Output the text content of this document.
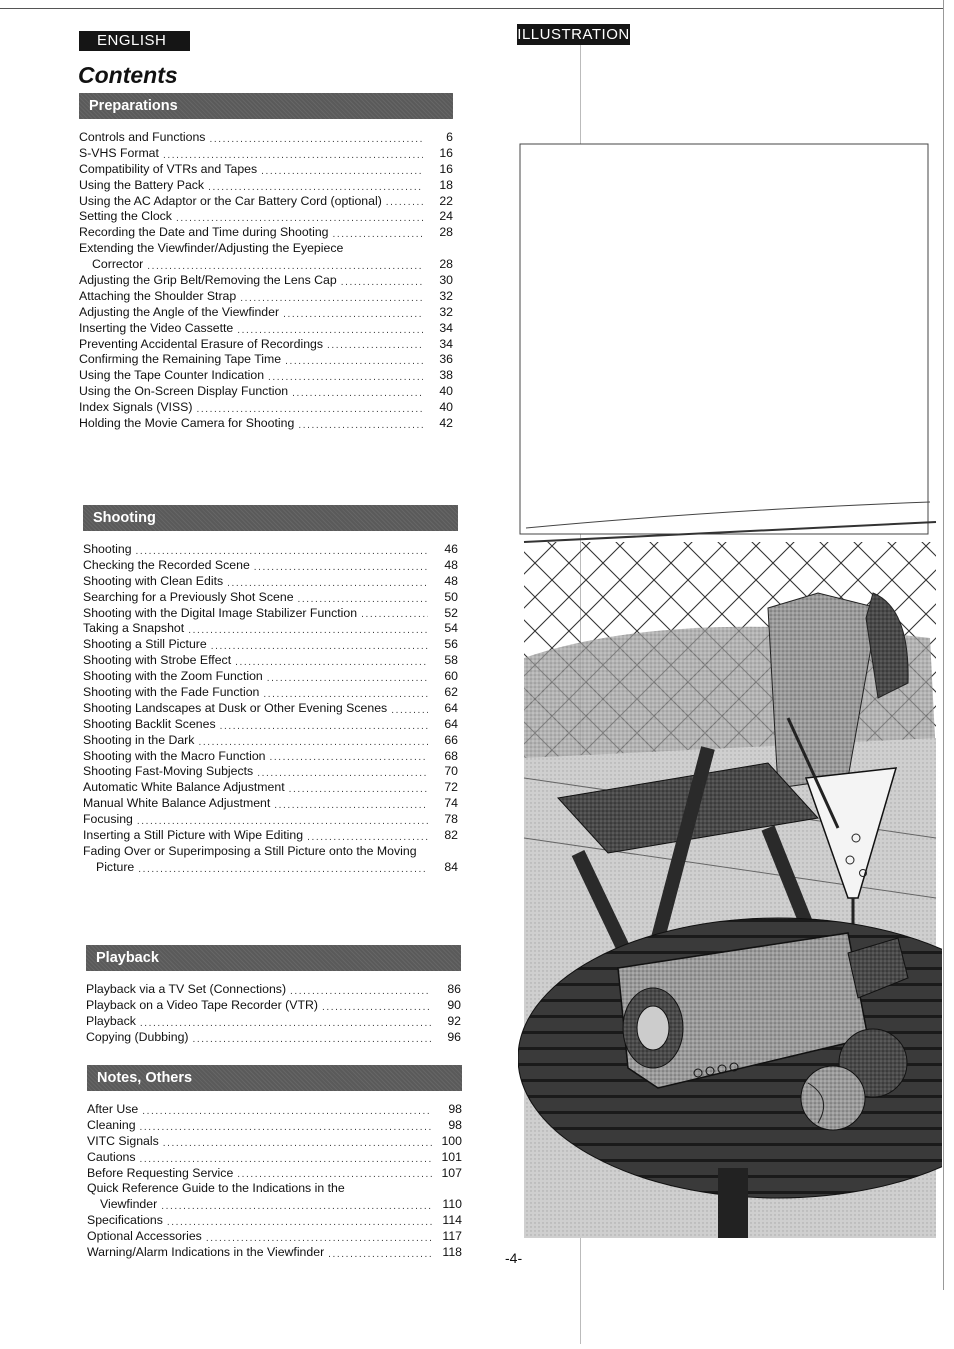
ENGLISH	ILLUSTRATION
Contents
Preparations
Controls and Functions .....	6
S-VHS Format .....	16
Compatibility of VTRs and Tapes .....	16
Using the Battery Pack .....	18
Using the AC Adaptor or the Car Battery Cord (optional) .....	22
Setting the Clock .....	24
Recording the Date and Time during Shooting .....	28
Extending the Viewfinder/Adjusting the Eyepiece
Corrector .....	28
Adjusting the Grip Belt/Removing the Lens Cap .....	30
Attaching the Shoulder Strap .....	32
Adjusting the Angle of the Viewfinder .....	32
Inserting the Video Cassette .....	34
Preventing Accidental Erasure of Recordings .....	34
Confirming the Remaining Tape Time .....	36
Using the Tape Counter Indication .....	38
Using the On-Screen Display Function .....	40
Index Signals (VISS) .....	40
Holding the Movie Camera for Shooting .....	42
Shooting
Shooting .....	46
Checking the Recorded Scene .....	48
Shooting with Clean Edits .....	48
Searching for a Previously Shot Scene .....	50
Shooting with the Digital Image Stabilizer Function .....	52
Taking a Snapshot .....	54
Shooting a Still Picture .....	56
Shooting with Strobe Effect .....	58
Shooting with the Zoom Function .....	60
Shooting with the Fade Function .....	62
Shooting Landscapes at Dusk or Other Evening Scenes .....	64
Shooting Backlit Scenes .....	64
Shooting in the Dark .....	66
Shooting with the Macro Function .....	68
Shooting Fast-Moving Subjects .....	70
Automatic White Balance Adjustment .....	72
Manual White Balance Adjustment .....	74
Focusing .....	78
Inserting a Still Picture with Wipe Editing .....	82
Fading Over or Superimposing a Still Picture onto the Moving
Picture .....	84
Playback
Playback via a TV Set (Connections) .....	86
Playback on a Video Tape Recorder (VTR) .....	90
Playback .....	92
Copying (Dubbing) .....	96
Notes, Others
After Use .....	98
Cleaning .....	98
VITC Signals .....	100
Cautions .....	101
Before Requesting Service .....	107
Quick Reference Guide to the Indications in the
Viewfinder .....	110
Specifications .....	114
Optional Accessories .....	117
Warning/Alarm Indications in the Viewfinder .....	118	-4-
